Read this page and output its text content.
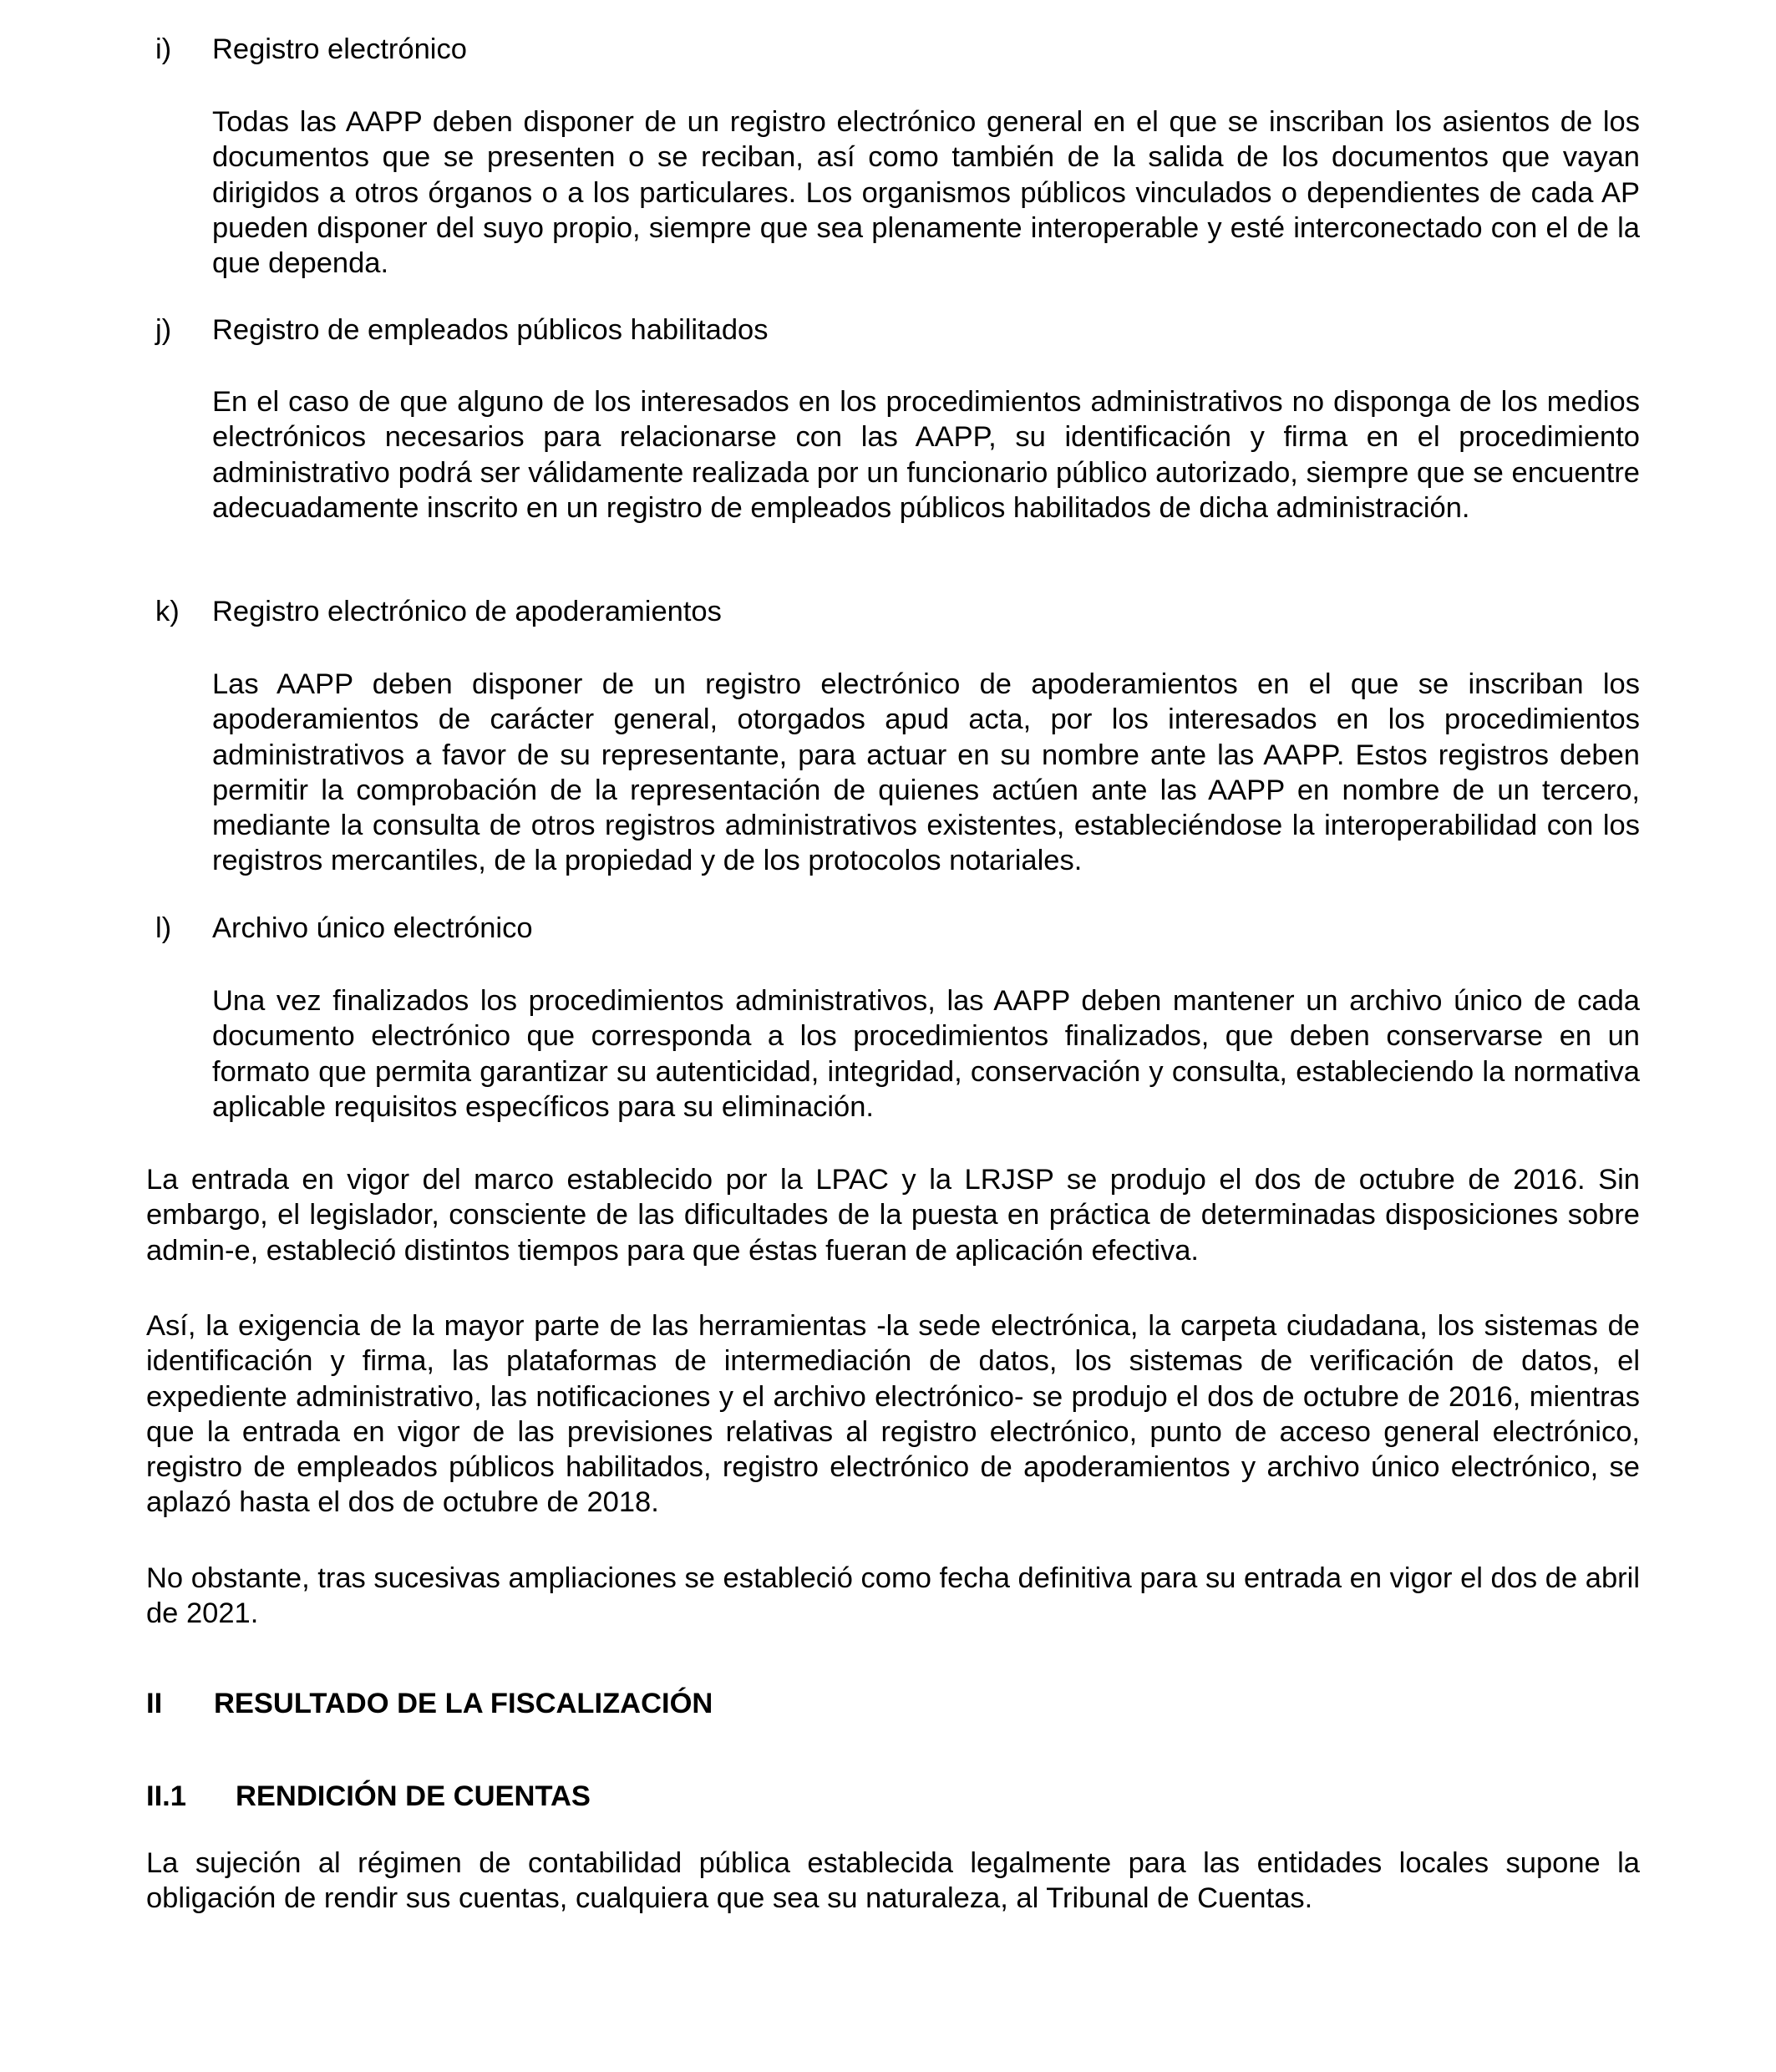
i) Registro electrónico

Todas las AAPP deben disponer de un registro electrónico general en el que se inscriban los asientos de los documentos que se presenten o se reciban, así como también de la salida de los documentos que vayan dirigidos a otros órganos o a los particulares. Los organismos públicos vinculados o dependientes de cada AP pueden disponer del suyo propio, siempre que sea plenamente interoperable y esté interconectado con el de la que dependa.

j) Registro de empleados públicos habilitados

En el caso de que alguno de los interesados en los procedimientos administrativos no disponga de los medios electrónicos necesarios para relacionarse con las AAPP, su identificación y firma en el procedimiento administrativo podrá ser válidamente realizada por un funcionario público autorizado, siempre que se encuentre adecuadamente inscrito en un registro de empleados públicos habilitados de dicha administración.

k) Registro electrónico de apoderamientos

Las AAPP deben disponer de un registro electrónico de apoderamientos en el que se inscriban los apoderamientos de carácter general, otorgados apud acta, por los interesados en los procedimientos administrativos a favor de su representante, para actuar en su nombre ante las AAPP. Estos registros deben permitir la comprobación de la representación de quienes actúen ante las AAPP en nombre de un tercero, mediante la consulta de otros registros administrativos existentes, estableciéndose la interoperabilidad con los registros mercantiles, de la propiedad y de los protocolos notariales.

l) Archivo único electrónico

Una vez finalizados los procedimientos administrativos, las AAPP deben mantener un archivo único de cada documento electrónico que corresponda a los procedimientos finalizados, que deben conservarse en un formato que permita garantizar su autenticidad, integridad, conservación y consulta, estableciendo la normativa aplicable requisitos específicos para su eliminación.

La entrada en vigor del marco establecido por la LPAC y la LRJSP se produjo el dos de octubre de 2016. Sin embargo, el legislador, consciente de las dificultades de la puesta en práctica de determinadas disposiciones sobre admin-e, estableció distintos tiempos para que éstas fueran de aplicación efectiva.

Así, la exigencia de la mayor parte de las herramientas -la sede electrónica, la carpeta ciudadana, los sistemas de identificación y firma, las plataformas de intermediación de datos, los sistemas de verificación de datos, el expediente administrativo, las notificaciones y el archivo electrónico- se produjo el dos de octubre de 2016, mientras que la entrada en vigor de las previsiones relativas al registro electrónico, punto de acceso general electrónico, registro de empleados públicos habilitados, registro electrónico de apoderamientos y archivo único electrónico, se aplazó hasta el dos de octubre de 2018.

No obstante, tras sucesivas ampliaciones se estableció como fecha definitiva para su entrada en vigor el dos de abril de 2021.

II RESULTADO DE LA FISCALIZACIÓN
II.1 RENDICIÓN DE CUENTAS

La sujeción al régimen de contabilidad pública establecida legalmente para las entidades locales supone la obligación de rendir sus cuentas, cualquiera que sea su naturaleza, al Tribunal de Cuentas.
